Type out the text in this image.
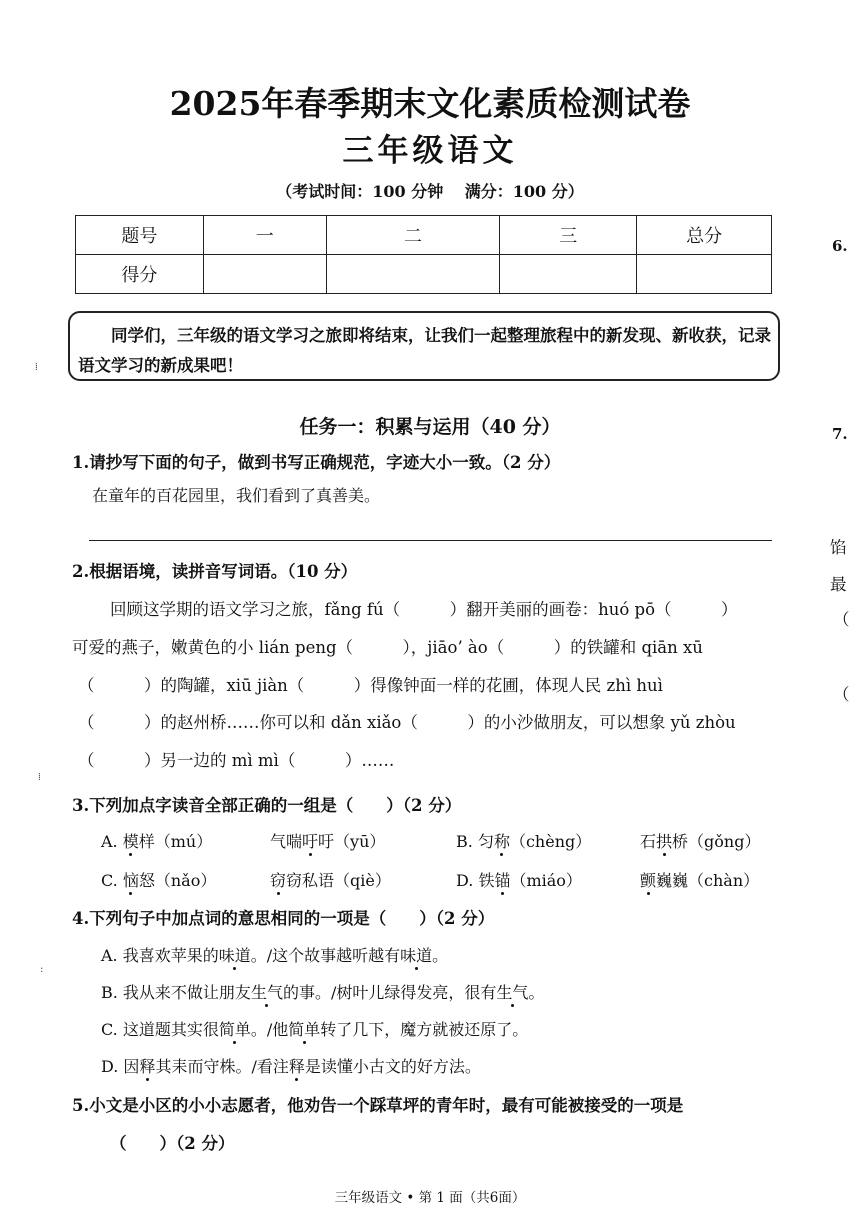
2025年春季期末文化素质检测试卷
三年级语文
（考试时间：100 分钟　 满分：100 分）
题号	一	二	三	总分
得分				
同学们，三年级的语文学习之旅即将结束，让我们一起整理旅程中的新发现、新收获，记录语文学习的新成果吧！
任务一：积累与运用（40 分）
1.请抄写下面的句子，做到书写正确规范，字迹大小一致。（2 分）
在童年的百花园里，我们看到了真善美。
2.根据语境，读拼音写词语。（10 分）
回顾这学期的语文学习之旅，fǎng fú（　　　）翻开美丽的画卷：huó pō（　　　）
可爱的燕子，嫩黄色的小 lián peng（　　　），jiāo’ ào（　　　）的铁罐和 qiān xū
（　　　）的陶罐，xiū jiàn（　　　）得像钟面一样的花圃，体现人民 zhì huì
（　　　）的赵州桥……你可以和 dǎn xiǎo（　　　）的小沙做朋友，可以想象 yǔ zhòu
（　　　）另一边的 mì mì（　　　）……
3.下列加点字读音全部正确的一组是（　　）（2 分）
A. 模样（mú）	气喘吁吁（yū）	B. 匀称（chèng）	石拱桥（gǒng）
C. 恼怒（nǎo）	窃窃私语（qiè）	D. 铁锚（miáo）	颤巍巍（chàn）
4.下列句子中加点词的意思相同的一项是（　　）（2 分）
A. 我喜欢苹果的味道。/这个故事越听越有味道。
B. 我从来不做让朋友生气的事。/树叶儿绿得发亮，很有生气。
C. 这道题其实很简单。/他简单转了几下，魔方就被还原了。
D. 因释其耒而守株。/看注释是读懂小古文的好方法。
5.小文是小区的小小志愿者，他劝告一个踩草坪的青年时，最有可能被接受的一项是
（　　）（2 分）
三年级语文 • 第 1 面（共6面）
6.
7.
馅
最
（
（
⁞
⁞
:
